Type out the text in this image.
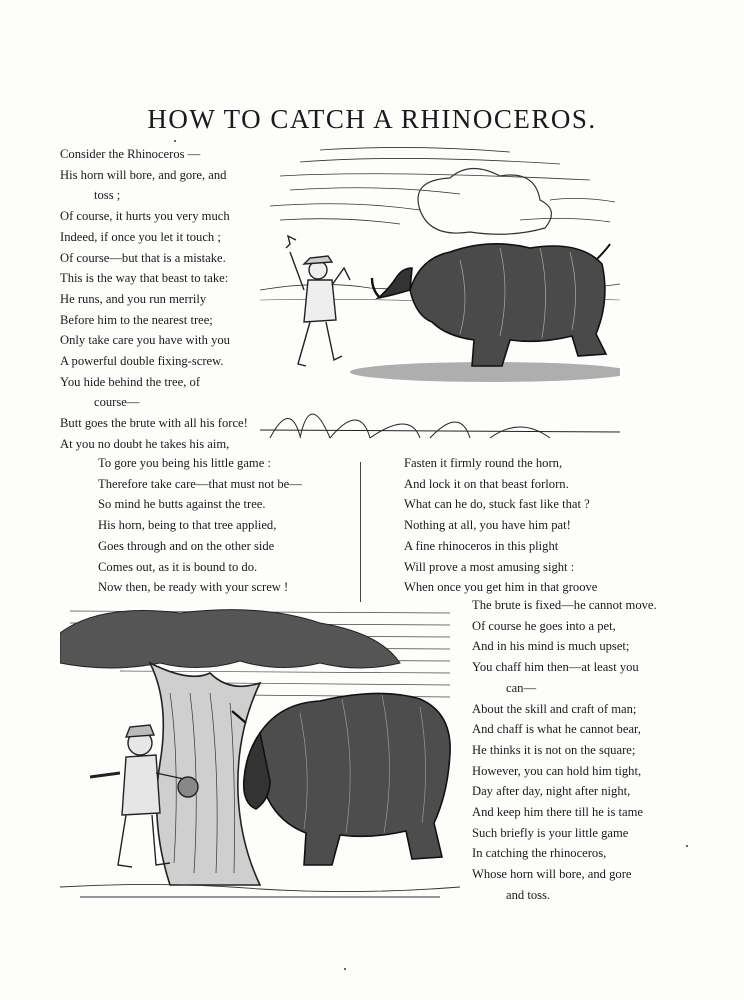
HOW TO CATCH A RHINOCEROS.
Consider the Rhinoceros —
His horn will bore, and gore, and
toss ;
Of course, it hurts you very much
Indeed, if once you let it touch ;
Of course—but that is a mistake.
This is the way that beast to take:
He runs, and you run merrily
Before him to the nearest tree;
Only take care you have with you
A powerful double fixing-screw.
You hide behind the tree, of
course—
Butt goes the brute with all his force!
At you no doubt he takes his aim,
To gore you being his little game :
Therefore take care—that must not be—
So mind he butts against the tree.
His horn, being to that tree applied,
Goes through and on the other side
Comes out, as it is bound to do.
Now then, be ready with your screw !
Fasten it firmly round the horn,
And lock it on that beast forlorn.
What can he do, stuck fast like that ?
Nothing at all, you have him pat!
A fine rhinoceros in this plight
Will prove a most amusing sight :
When once you get him in that groove
The brute is fixed—he cannot move.
Of course he goes into a pet,
And in his mind is much upset;
You chaff him then—at least you
can—
About the skill and craft of man;
And chaff is what he cannot bear,
He thinks it is not on the square;
However, you can hold him tight,
Day after day, night after night,
And keep him there till he is tame
Such briefly is your little game
In catching the rhinoceros,
Whose horn will bore, and gore
and toss.
